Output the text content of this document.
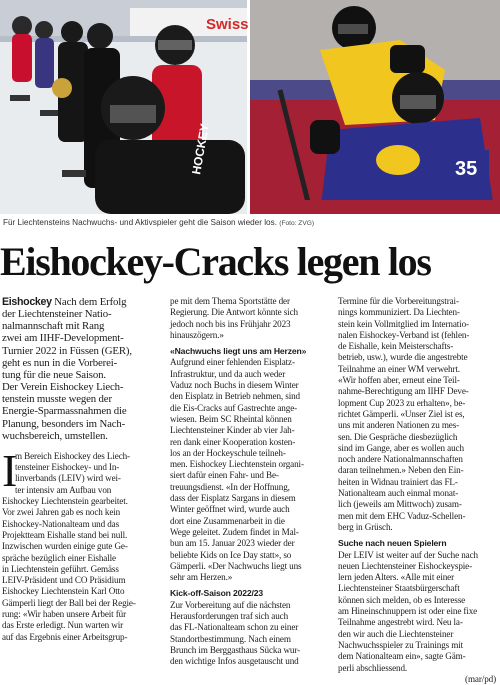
Swiss
HOCKEY	35
Für Liechtensteins Nachwuchs- und Aktivspieler geht die Saison wieder los. (Foto: ZVG)
Eishockey-Cracks legen los
Eishockey Nach dem Erfolg
der Liechtensteiner Natio-
nalmannschaft mit Rang
zwei am IIHF-Development-
Turnier 2022 in Füssen (GER),
geht es nun in die Vorberei-
tung für die neue Saison.
Der Verein Eishockey Liech-
tenstein musste wegen der
Energie-Sparmassnahmen die
Planung, besonders im Nach-
wuchsbereich, umstellen.
I
m Bereich Eishockey des Liech-
tensteiner Eishockey- und In-
linverbands (LEIV) wird wei-
ter intensiv am Aufbau von
Eishockey Liechtenstein gearbeitet.
Vor zwei Jahren gab es noch kein
Eishockey-Nationalteam und das
Projektteam Eishalle stand bei null.
Inzwischen wurden einige gute Ge-
spräche bezüglich einer Eishalle
in Liechtenstein geführt. Gemäss
LEIV-Präsident und CO Präsidium
Eishockey Liechtenstein Karl Otto
Gämperli liegt der Ball bei der Regie-
rung: «Wir haben unsere Arbeit für
das Erste erledigt. Nun warten wir
auf das Ergebnis einer Arbeitsgrup-
pe mit dem Thema Sportstätte der
Regierung. Die Antwort könnte sich
jedoch noch bis ins Frühjahr 2023
hinauszögern.»
«Nachwuchs liegt uns am Herzen»
Aufgrund einer fehlenden Eisplatz-
Infrastruktur, und da auch weder
Vaduz noch Buchs in diesem Winter
den Eisplatz in Betrieb nehmen, sind
die Eis-Cracks auf Gastrechte ange-
wiesen. Beim SC Rheintal können
Liechtensteiner Kinder ab vier Jah-
ren dank einer Kooperation kosten-
los an der Hockeyschule teilneh-
men. Eishockey Liechtenstein organi-
siert dafür einen Fahr- und Be-
treuungsdienst. «In der Hoffnung,
dass der Eisplatz Sargans in diesem
Winter geöffnet wird, wurde auch
dort eine Zusammenarbeit in die
Wege geleitet. Zudem findet in Mal-
bun am 15. Januar 2023 wieder der
beliebte Kids on Ice Day statt», so
Gämperli. «Der Nachwuchs liegt uns
sehr am Herzen.»
Kick-off-Saison 2022/23
Zur Vorbereitung auf die nächsten
Herausforderungen traf sich auch
das FL-Nationalteam schon zu einer
Standortbestimmung. Nach einem
Brunch im Berggasthaus Sücka wur-
den wichtige Infos ausgetauscht und
Termine für die Vorbereitungstrai-
nings kommuniziert. Da Liechten-
stein kein Vollmitglied im Internatio-
nalen Eishockey-Verband ist (fehlen-
de Eishalle, kein Meisterschafts-
betrieb, usw.), wurde die angestrebte
Teilnahme an einer WM verwehrt.
«Wir hoffen aber, erneut eine Teil-
nahme-Berechtigung am IIHF Deve-
lopment Cup 2023 zu erhalten», be-
richtet Gämperli. «Unser Ziel ist es,
uns mit anderen Nationen zu mes-
sen. Die Gespräche diesbezüglich
sind im Gange, aber es wollen auch
noch andere Nationalmannschaften
daran teilnehmen.» Neben den Ein-
heiten in Widnau trainiert das FL-
Nationalteam auch einmal monat-
lich (jeweils am Mittwoch) zusam-
men mit dem EHC Vaduz-Schellen-
berg in Grüsch.
Suche nach neuen Spielern
Der LEIV ist weiter auf der Suche nach
neuen Liechtensteiner Eishockeyspie-
lern jeden Alters. «Alle mit einer
Liechtensteiner Staatsbürgerschaft
können sich melden, ob es Interesse
am Hineinschnuppern ist oder eine fixe
Teilnahme angestrebt wird. Neu la-
den wir auch die Liechtensteiner
Nachwuchsspieler zu Trainings mit
dem Nationalteam ein», sagte Gäm-
perli abschliessend.
(mar/pd)
